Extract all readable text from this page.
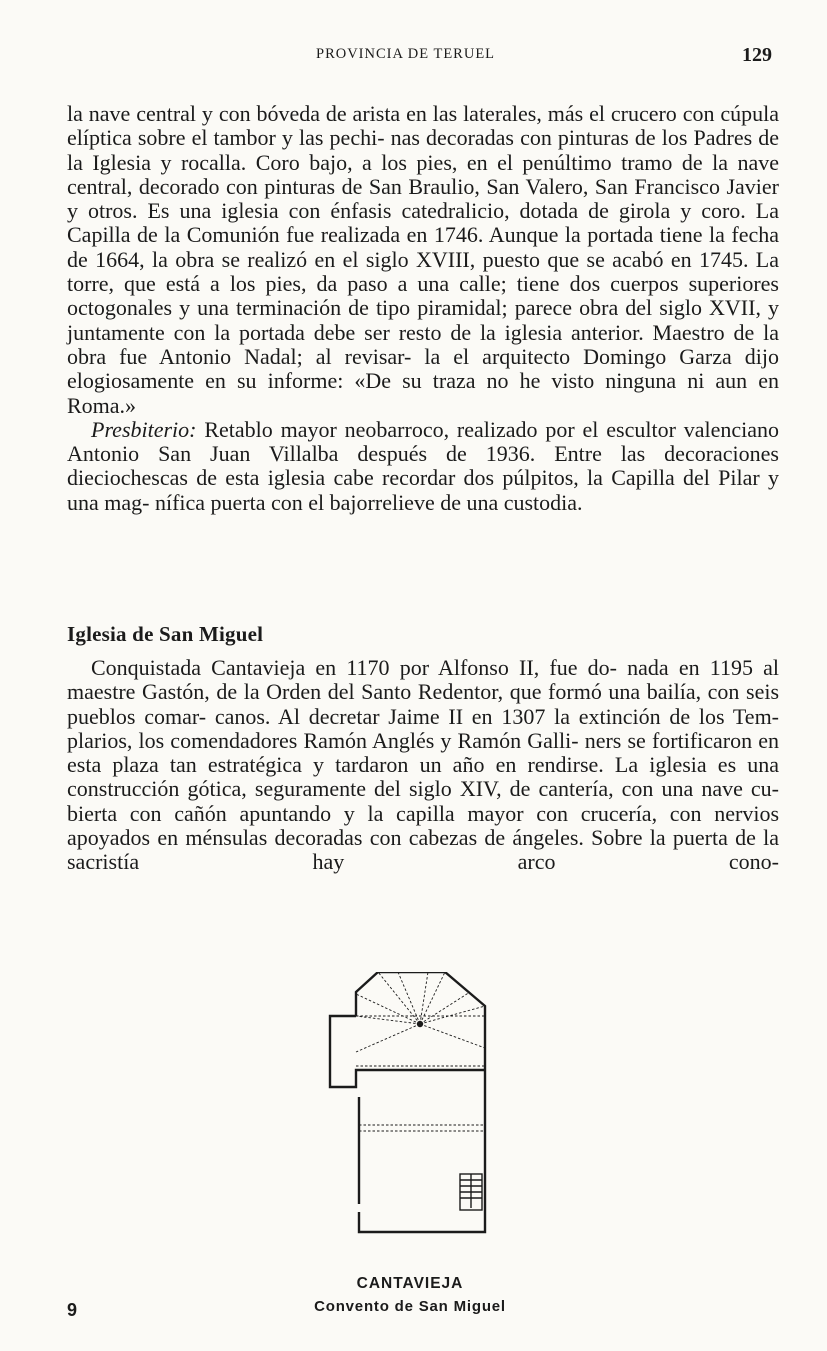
PROVINCIA DE TERUEL	129

la nave central y con bóveda de arista en las laterales, más el crucero con cúpula elíptica sobre el tambor y las pechi- nas decoradas con pinturas de los Padres de la Iglesia y rocalla. Coro bajo, a los pies, en el penúltimo tramo de la nave central, decorado con pinturas de San Braulio, San Valero, San Francisco Javier y otros. Es una iglesia con énfasis catedralicio, dotada de girola y coro. La Capilla de la Comunión fue realizada en 1746. Aunque la portada tiene la fecha de 1664, la obra se realizó en el siglo XVIII, puesto que se acabó en 1745. La torre, que está a los pies, da paso a una calle; tiene dos cuerpos superiores octogonales y una terminación de tipo piramidal; parece obra del siglo XVII, y juntamente con la portada debe ser resto de la iglesia anterior. Maestro de la obra fue Antonio Nadal; al revisar- la el arquitecto Domingo Garza dijo elogiosamente en su informe: «De su traza no he visto ninguna ni aun en Roma.»

Presbiterio: Retablo mayor neobarroco, realizado por el escultor valenciano Antonio San Juan Villalba después de 1936. Entre las decoraciones dieciochescas de esta iglesia cabe recordar dos púlpitos, la Capilla del Pilar y una mag- nífica puerta con el bajorrelieve de una custodia.

Iglesia de San Miguel

Conquistada Cantavieja en 1170 por Alfonso II, fue do- nada en 1195 al maestre Gastón, de la Orden del Santo Redentor, que formó una bailía, con seis pueblos comar- canos. Al decretar Jaime II en 1307 la extinción de los Tem- plarios, los comendadores Ramón Anglés y Ramón Galli- ners se fortificaron en esta plaza tan estratégica y tardaron un año en rendirse. La iglesia es una construcción gótica, seguramente del siglo XIV, de cantería, con una nave cu- bierta con cañón apuntando y la capilla mayor con crucería, con nervios apoyados en ménsulas decoradas con cabezas de ángeles. Sobre la puerta de la sacristía hay arco cono-

CANTAVIEJA
Convento de San Miguel
9
